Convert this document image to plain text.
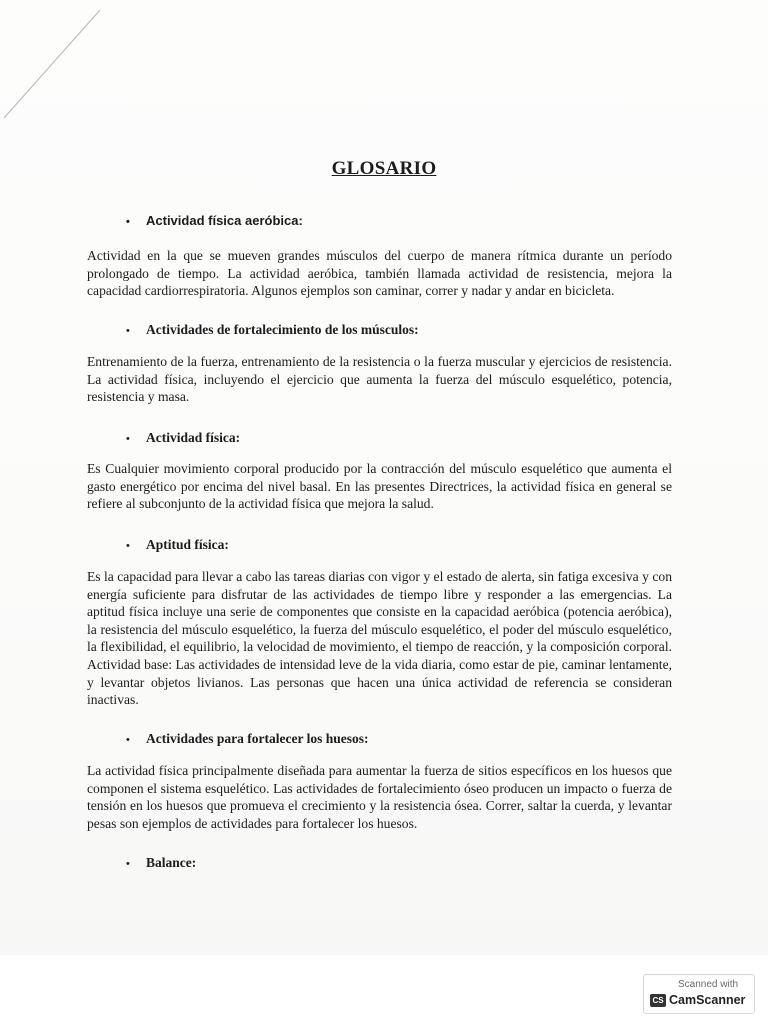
GLOSARIO
• Actividad física aeróbica:
Actividad en la que se mueven grandes músculos del cuerpo de manera rítmica durante un período prolongado de tiempo. La actividad aeróbica, también llamada actividad de resistencia, mejora la capacidad cardiorrespiratoria. Algunos ejemplos son caminar, correr y nadar y andar en bicicleta.
• Actividades de fortalecimiento de los músculos:
Entrenamiento de la fuerza, entrenamiento de la resistencia o la fuerza muscular y ejercicios de resistencia. La actividad física, incluyendo el ejercicio que aumenta la fuerza del músculo esquelético, potencia, resistencia y masa.
• Actividad física:
Es Cualquier movimiento corporal producido por la contracción del músculo esquelético que aumenta el gasto energético por encima del nivel basal. En las presentes Directrices, la actividad física en general se refiere al subconjunto de la actividad física que mejora la salud.
• Aptitud física:
Es la capacidad para llevar a cabo las tareas diarias con vigor y el estado de alerta, sin fatiga excesiva y con energía suficiente para disfrutar de las actividades de tiempo libre y responder a las emergencias. La aptitud física incluye una serie de componentes que consiste en la capacidad aeróbica (potencia aeróbica), la resistencia del músculo esquelético, la fuerza del músculo esquelético, el poder del músculo esquelético, la flexibilidad, el equilibrio, la velocidad de movimiento, el tiempo de reacción, y la composición corporal. Actividad base: Las actividades de intensidad leve de la vida diaria, como estar de pie, caminar lentamente, y levantar objetos livianos. Las personas que hacen una única actividad de referencia se consideran inactivas.
• Actividades para fortalecer los huesos:
La actividad física principalmente diseñada para aumentar la fuerza de sitios específicos en los huesos que componen el sistema esquelético. Las actividades de fortalecimiento óseo producen un impacto o fuerza de tensión en los huesos que promueva el crecimiento y la resistencia ósea. Correr, saltar la cuerda, y levantar pesas son ejemplos de actividades para fortalecer los huesos.
• Balance:
Scanned with
CS CamScanner
